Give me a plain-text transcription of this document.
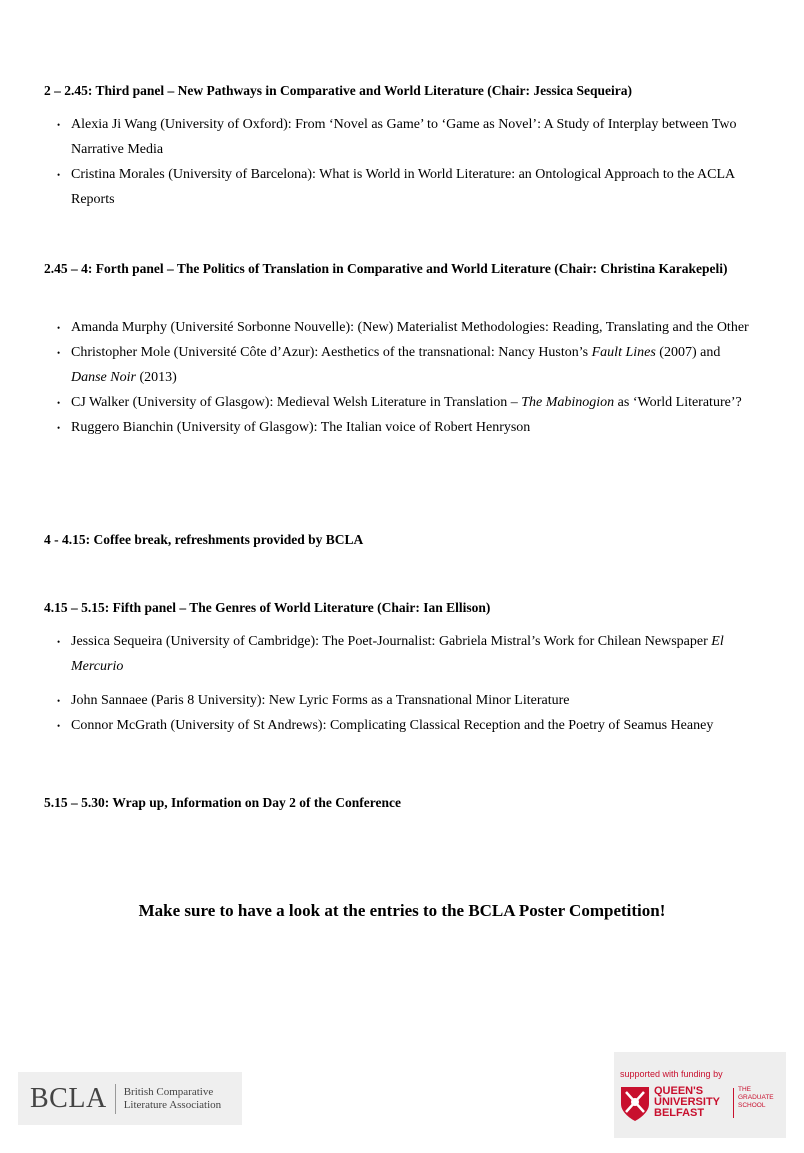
2 – 2.45: Third panel – New Pathways in Comparative and World Literature (Chair: Jessica Sequeira)
• Alexia Ji Wang (University of Oxford): From ‘Novel as Game’ to ‘Game as Novel’: A Study of Interplay between Two Narrative Media
• Cristina Morales (University of Barcelona): What is World in World Literature: an Ontological Approach to the ACLA Reports
2.45 – 4: Forth panel – The Politics of Translation in Comparative and World Literature (Chair: Christina Karakepeli)
• Amanda Murphy (Université Sorbonne Nouvelle): (New) Materialist Methodologies: Reading, Translating and the Other
• Christopher Mole (Université Côte d’Azur): Aesthetics of the transnational: Nancy Huston’s Fault Lines (2007) and Danse Noir (2013)
• CJ Walker (University of Glasgow): Medieval Welsh Literature in Translation – The Mabinogion as ‘World Literature’?
• Ruggero Bianchin (University of Glasgow): The Italian voice of Robert Henryson
4 - 4.15: Coffee break, refreshments provided by BCLA
4.15 – 5.15: Fifth panel – The Genres of World Literature (Chair: Ian Ellison)
• Jessica Sequeira (University of Cambridge): The Poet-Journalist: Gabriela Mistral’s Work for Chilean Newspaper El Mercurio
• John Sannaee (Paris 8 University): New Lyric Forms as a Transnational Minor Literature
• Connor McGrath (University of St Andrews): Complicating Classical Reception and the Poetry of Seamus Heaney
5.15 – 5.30: Wrap up, Information on Day 2 of the Conference
Make sure to have a look at the entries to the BCLA Poster Competition!
BCLA British Comparative
Literature Association
supported with funding by
QUEEN'S
UNIVERSITY
BELFAST
THE
GRADUATE
SCHOOL
